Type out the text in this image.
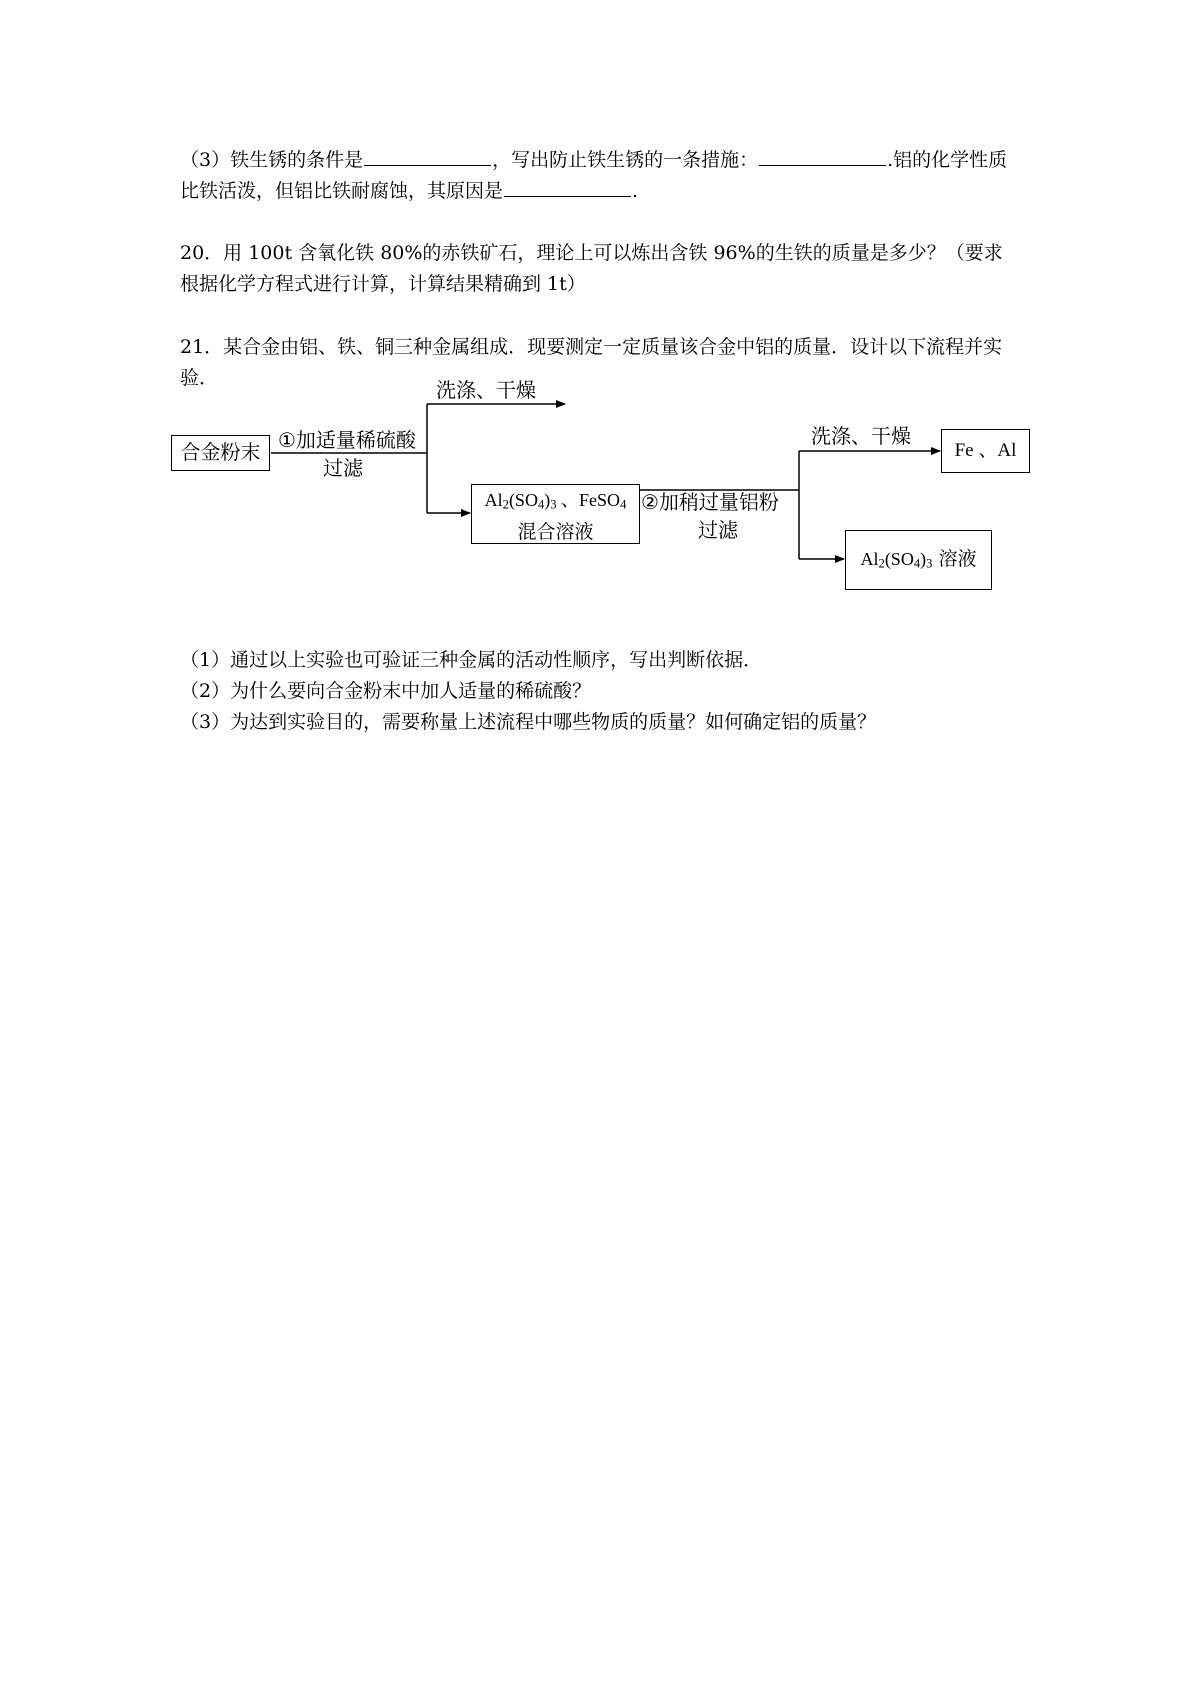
（3）铁生锈的条件是	，写出防止铁生锈的一条措施：	.铝的化学性质比铁活泼，但铝比铁耐腐蚀，其原因是	.
20．用 100t 含氧化铁 80%的赤铁矿石，理论上可以炼出含铁 96%的生铁的质量是多少？（要求根据化学方程式进行计算，计算结果精确到 1t）
21．某合金由铝、铁、铜三种金属组成．现要测定一定质量该合金中铝的质量．设计以下流程并实验．
合金粉末 ①加适量稀硫酸
过滤
洗涤、干燥
$Al_2(SO_4)_3$ 、FeSO$_4$
混合溶液
②加稍过量铝粉
过滤
洗涤、干燥
Fe 、Al
$Al_2(SO_4)_3$ 溶液
（1）通过以上实验也可验证三种金属的活动性顺序，写出判断依据．
（2）为什么要向合金粉末中加人适量的稀硫酸？
（3）为达到实验目的，需要称量上述流程中哪些物质的质量？如何确定铝的质量？
